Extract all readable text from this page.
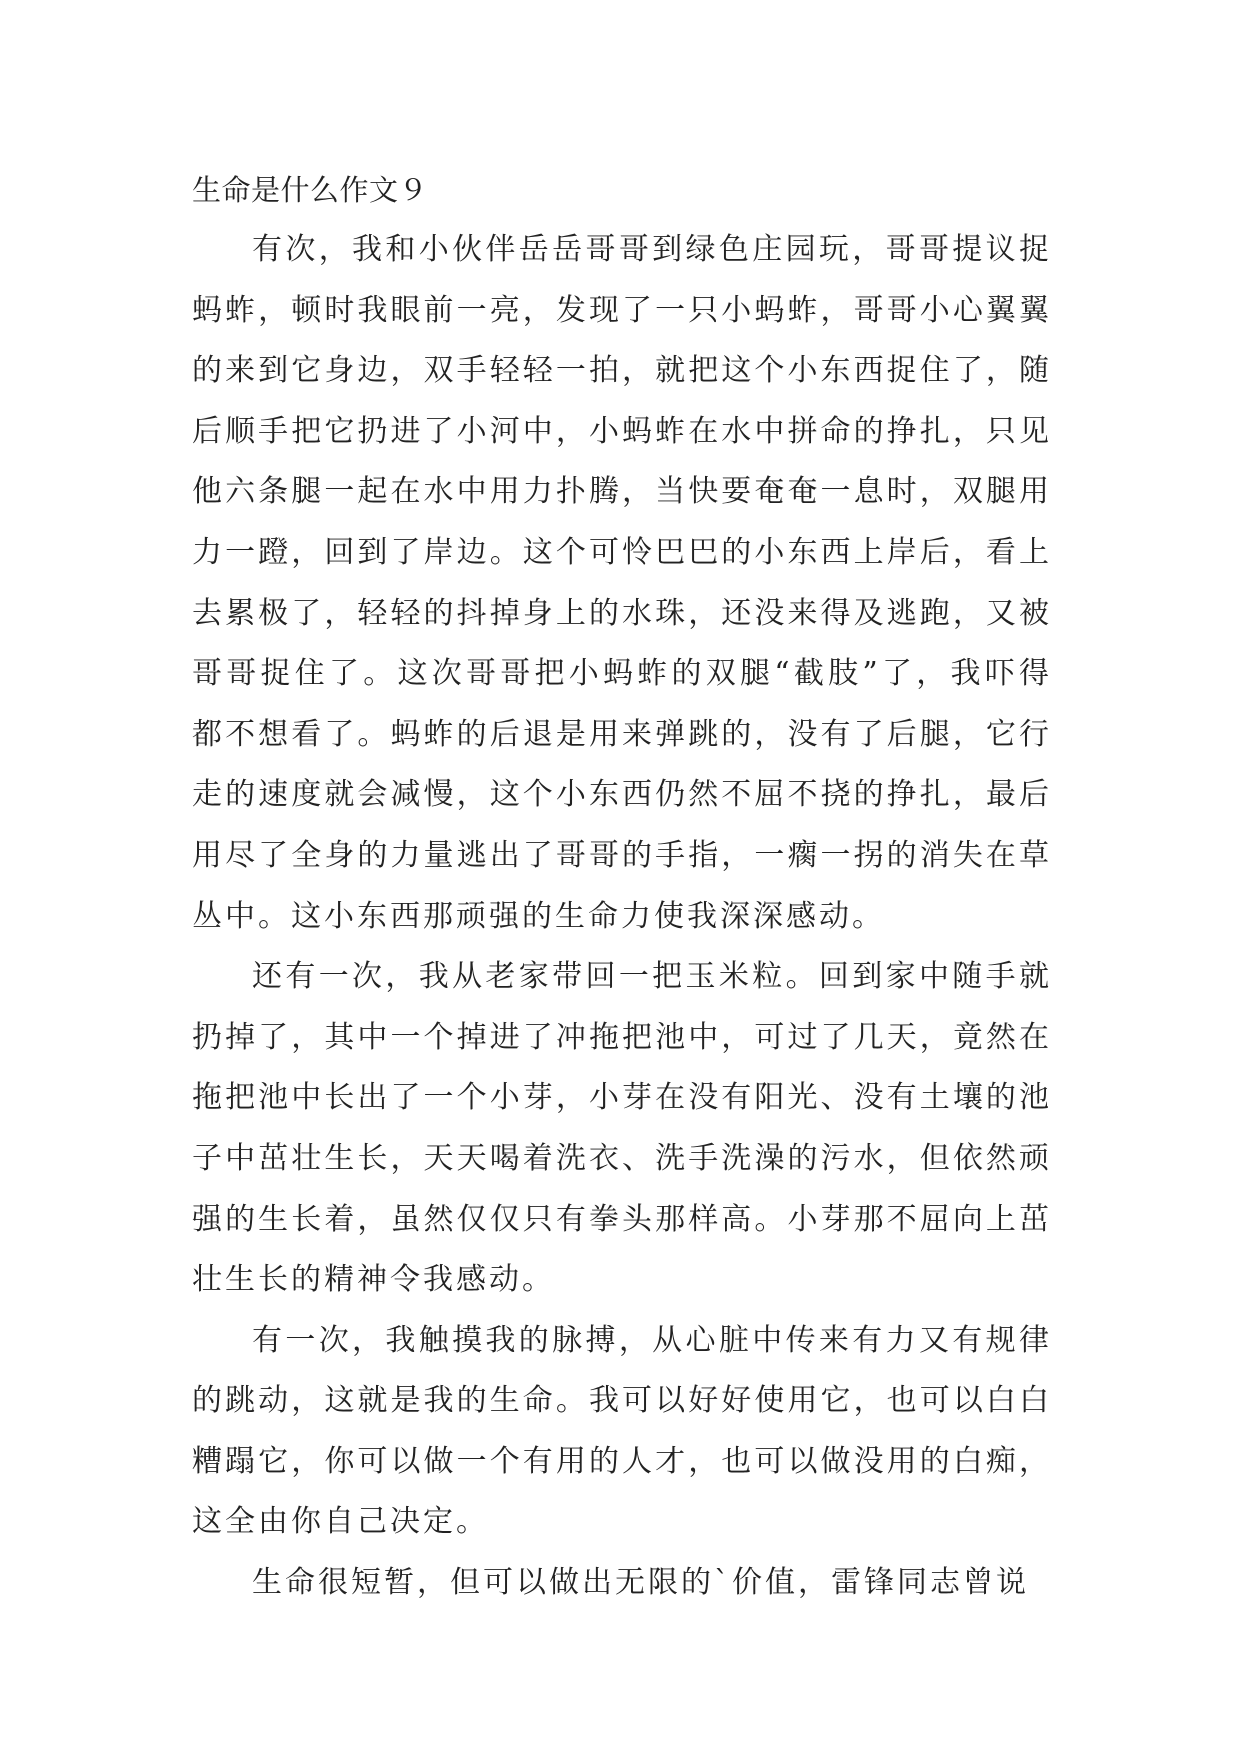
生命是什么作文９

有次，我和小伙伴岳岳哥哥到绿色庄园玩，哥哥提议捉蚂蚱，顿时我眼前一亮，发现了一只小蚂蚱，哥哥小心翼翼的来到它身边，双手轻轻一拍，就把这个小东西捉住了，随后顺手把它扔进了小河中，小蚂蚱在水中拼命的挣扎，只见他六条腿一起在水中用力扑腾，当快要奄奄一息时，双腿用力一蹬，回到了岸边。这个可怜巴巴的小东西上岸后，看上去累极了，轻轻的抖掉身上的水珠，还没来得及逃跑，又被哥哥捉住了。这次哥哥把小蚂蚱的双腿“截肢”了，我吓得都不想看了。蚂蚱的后退是用来弹跳的，没有了后腿，它行走的速度就会减慢，这个小东西仍然不屈不挠的挣扎，最后用尽了全身的力量逃出了哥哥的手指，一瘸一拐的消失在草丛中。这小东西那顽强的生命力使我深深感动。

还有一次，我从老家带回一把玉米粒。回到家中随手就扔掉了，其中一个掉进了冲拖把池中，可过了几天，竟然在拖把池中长出了一个小芽，小芽在没有阳光、没有土壤的池子中茁壮生长，天天喝着洗衣、洗手洗澡的污水，但依然顽强的生长着，虽然仅仅只有拳头那样高。小芽那不屈向上茁壮生长的精神令我感动。

有一次，我触摸我的脉搏，从心脏中传来有力又有规律的跳动，这就是我的生命。我可以好好使用它，也可以白白糟蹋它，你可以做一个有用的人才，也可以做没用的白痴，这全由你自己决定。

生命很短暂，但可以做出无限的`价值，雷锋同志曾说
